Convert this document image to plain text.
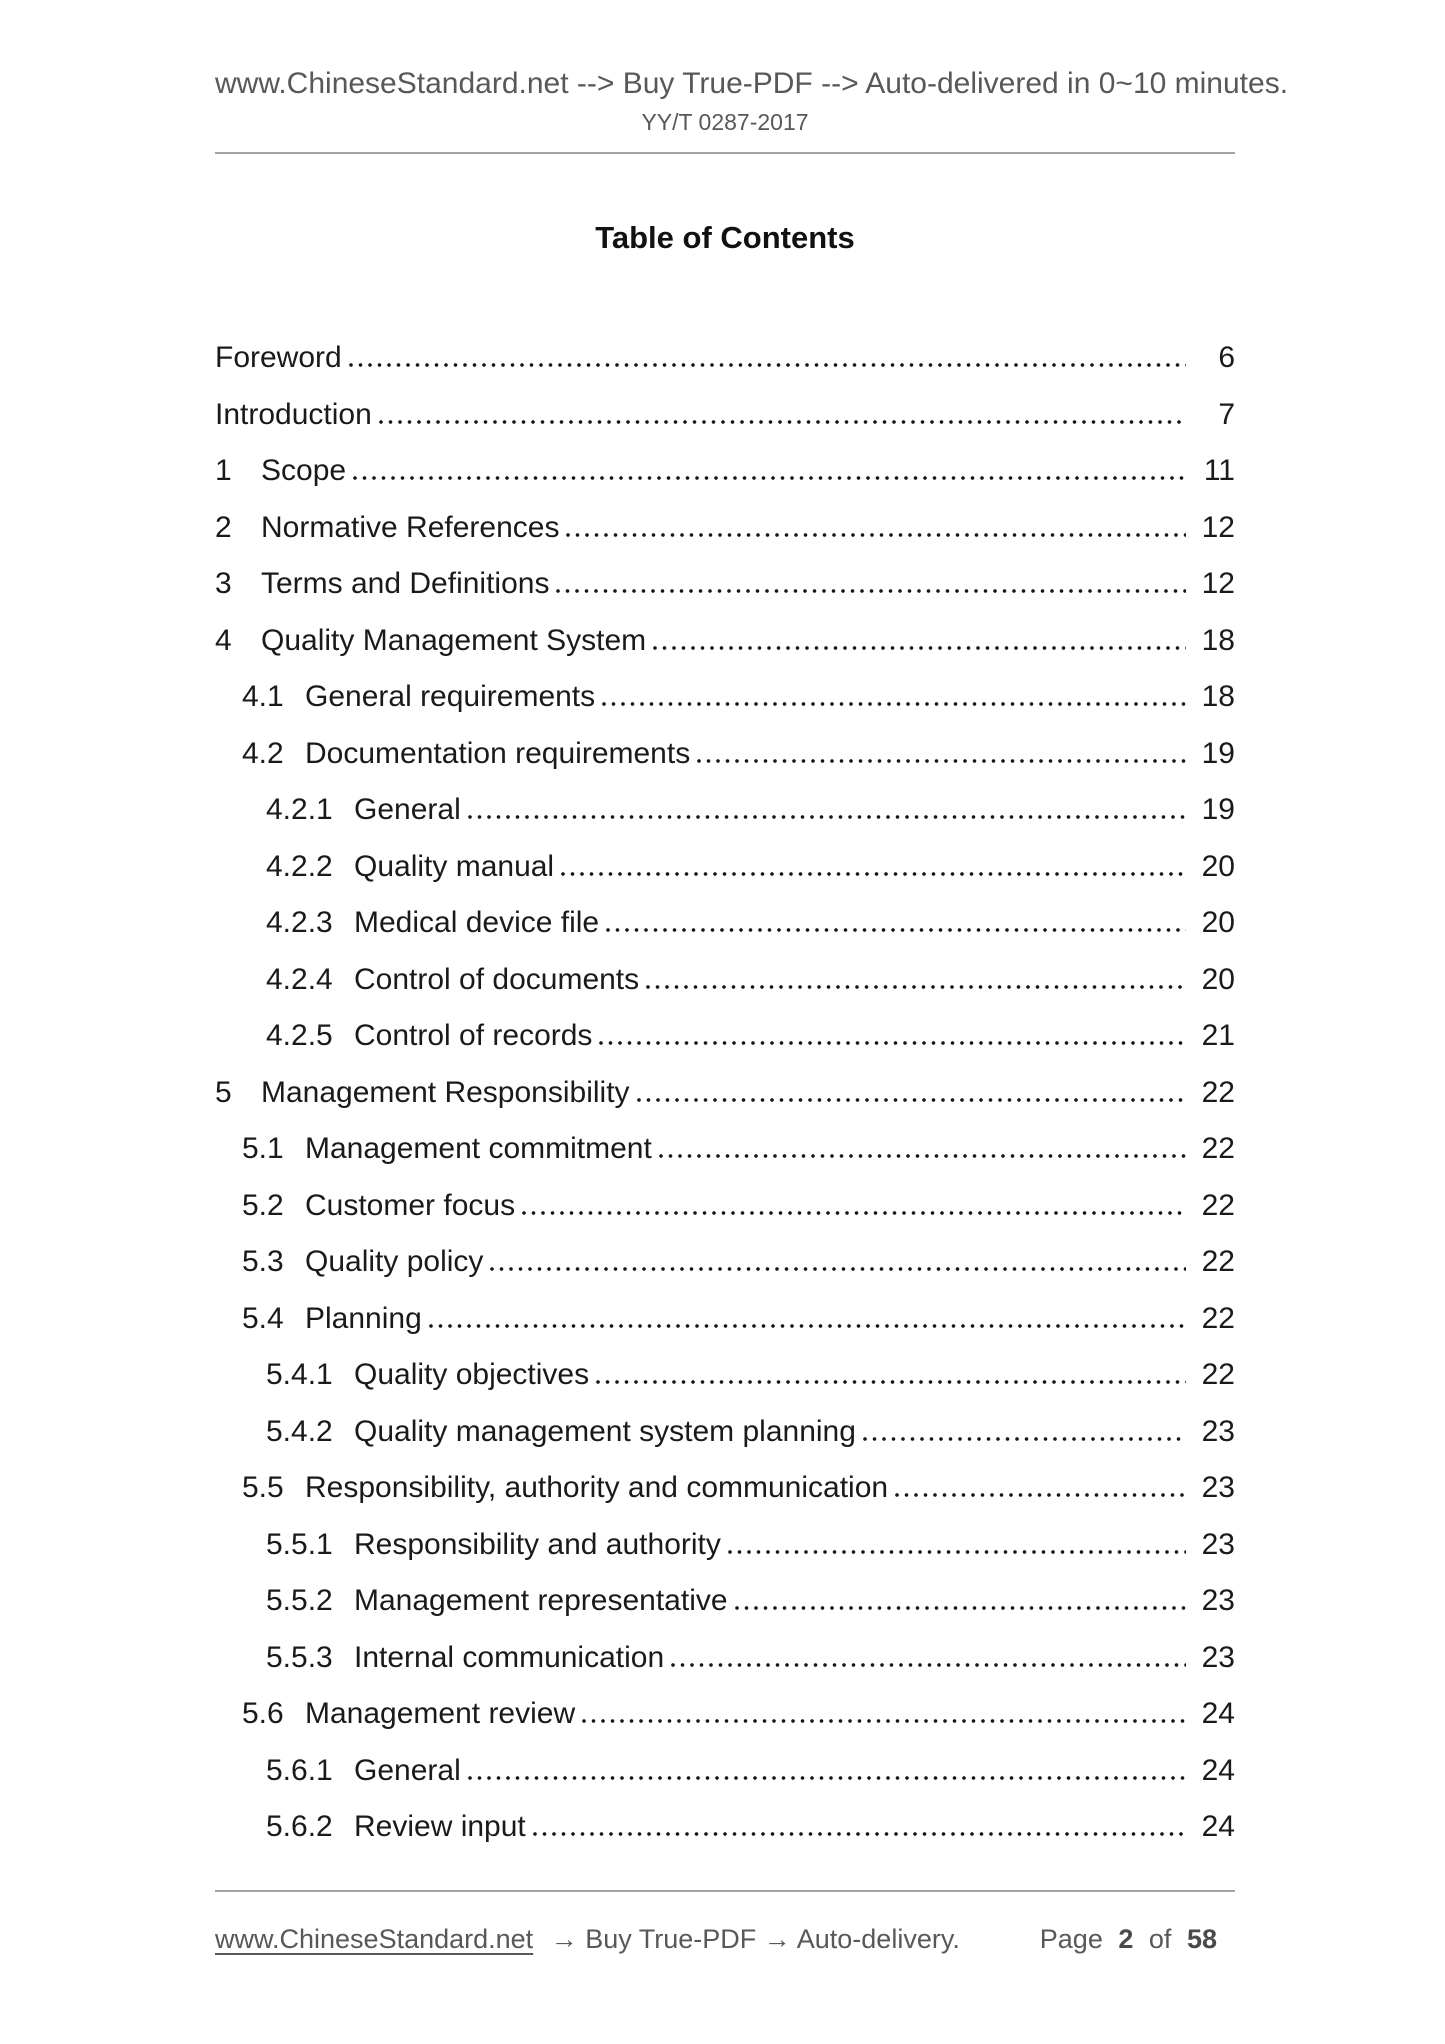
www.ChineseStandard.net --> Buy True-PDF --> Auto-delivered in 0~10 minutes.
YY/T 0287-2017
Table of Contents
Foreword	6
Introduction	7
1 Scope	11
2 Normative References	12
3 Terms and Definitions	12
4 Quality Management System	18
4.1 General requirements	18
4.2 Documentation requirements	19
4.2.1 General	19
4.2.2 Quality manual	20
4.2.3 Medical device file	20
4.2.4 Control of documents	20
4.2.5 Control of records	21
5 Management Responsibility	22
5.1 Management commitment	22
5.2 Customer focus	22
5.3 Quality policy	22
5.4 Planning	22
5.4.1 Quality objectives	22
5.4.2 Quality management system planning	23
5.5 Responsibility, authority and communication	23
5.5.1 Responsibility and authority	23
5.5.2 Management representative	23
5.5.3 Internal communication	23
5.6 Management review	24
5.6.1 General	24
5.6.2 Review input	24
www.ChineseStandard.net → Buy True-PDF → Auto-delivery.	Page 2 of 58
